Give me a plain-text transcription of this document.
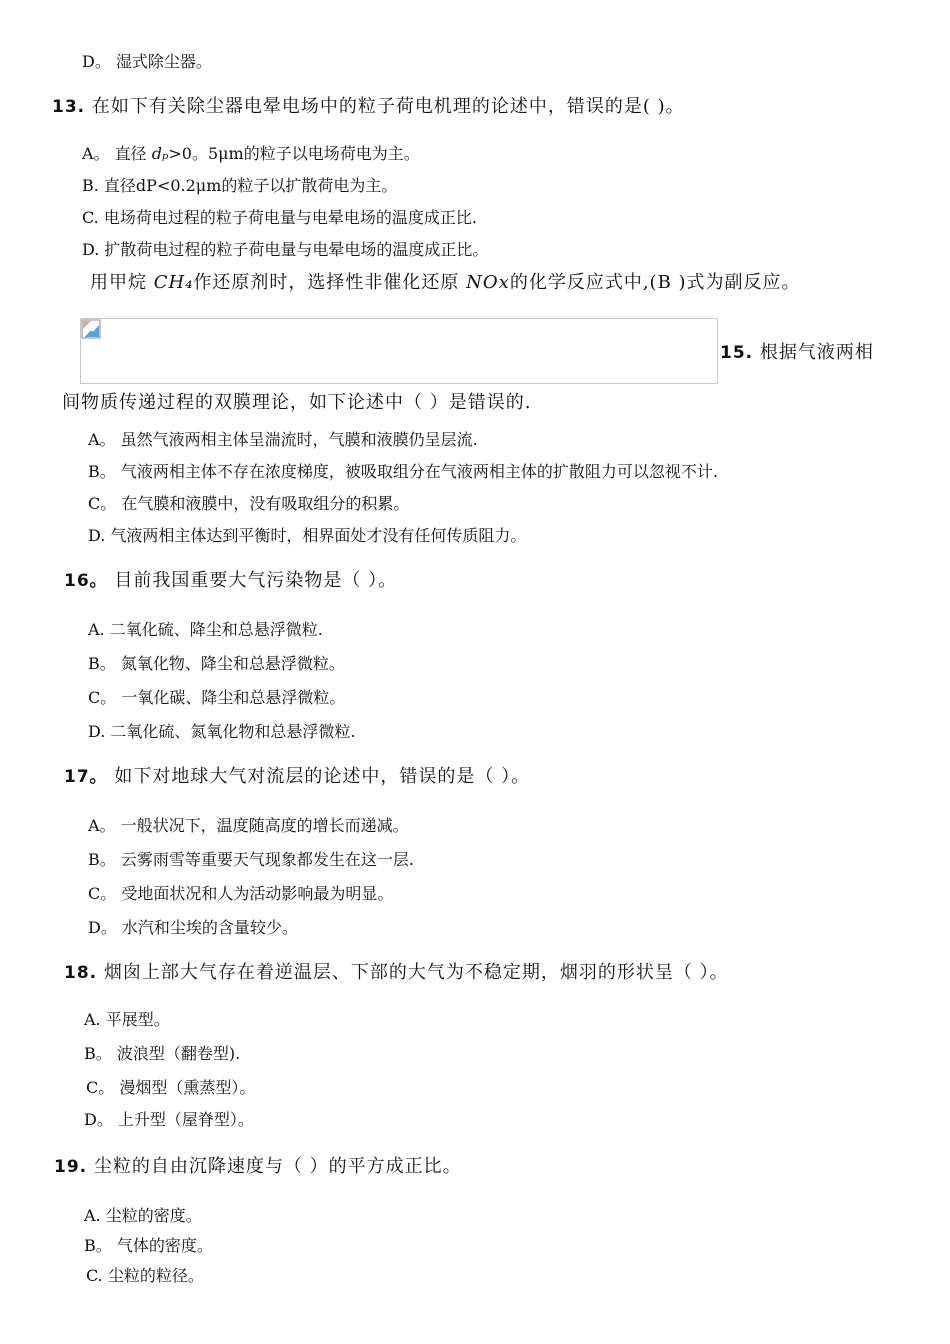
D。 湿式除尘器。
13. 在如下有关除尘器电晕电场中的粒子荷电机理的论述中，错误的是( )。
A。 直径 dₚ>0。5μm的粒子以电场荷电为主。
B. 直径dP<0.2μm的粒子以扩散荷电为主。
C. 电场荷电过程的粒子荷电量与电晕电场的温度成正比.
D. 扩散荷电过程的粒子荷电量与电晕电场的温度成正比。
用甲烷 CH₄作还原剂时，选择性非催化还原 NOx的化学反应式中,(B )式为副反应。
15. 根据气液两相
间物质传递过程的双膜理论，如下论述中（ ）是错误的.
A。 虽然气液两相主体呈湍流时，气膜和液膜仍呈层流.
B。 气液两相主体不存在浓度梯度，被吸取组分在气液两相主体的扩散阻力可以忽视不计.
C。 在气膜和液膜中，没有吸取组分的积累。
D. 气液两相主体达到平衡时，相界面处才没有任何传质阻力。
16。 目前我国重要大气污染物是（ ）。
A. 二氧化硫、降尘和总悬浮微粒.
B。 氮氧化物、降尘和总悬浮微粒。
C。 一氧化碳、降尘和总悬浮微粒。
D. 二氧化硫、氮氧化物和总悬浮微粒.
17。 如下对地球大气对流层的论述中，错误的是（ ）。
A。 一般状况下，温度随高度的增长而递减。
B。 云雾雨雪等重要天气现象都发生在这一层.
C。 受地面状况和人为活动影响最为明显。
D。 水汽和尘埃的含量较少。
18. 烟囱上部大气存在着逆温层、下部的大气为不稳定期，烟羽的形状呈（ ）。
A. 平展型。
B。 波浪型（翻卷型).
C。 漫烟型（熏蒸型）。
D。 上升型（屋脊型）。
19. 尘粒的自由沉降速度与（ ）的平方成正比。
A. 尘粒的密度。
B。 气体的密度。
C. 尘粒的粒径。
